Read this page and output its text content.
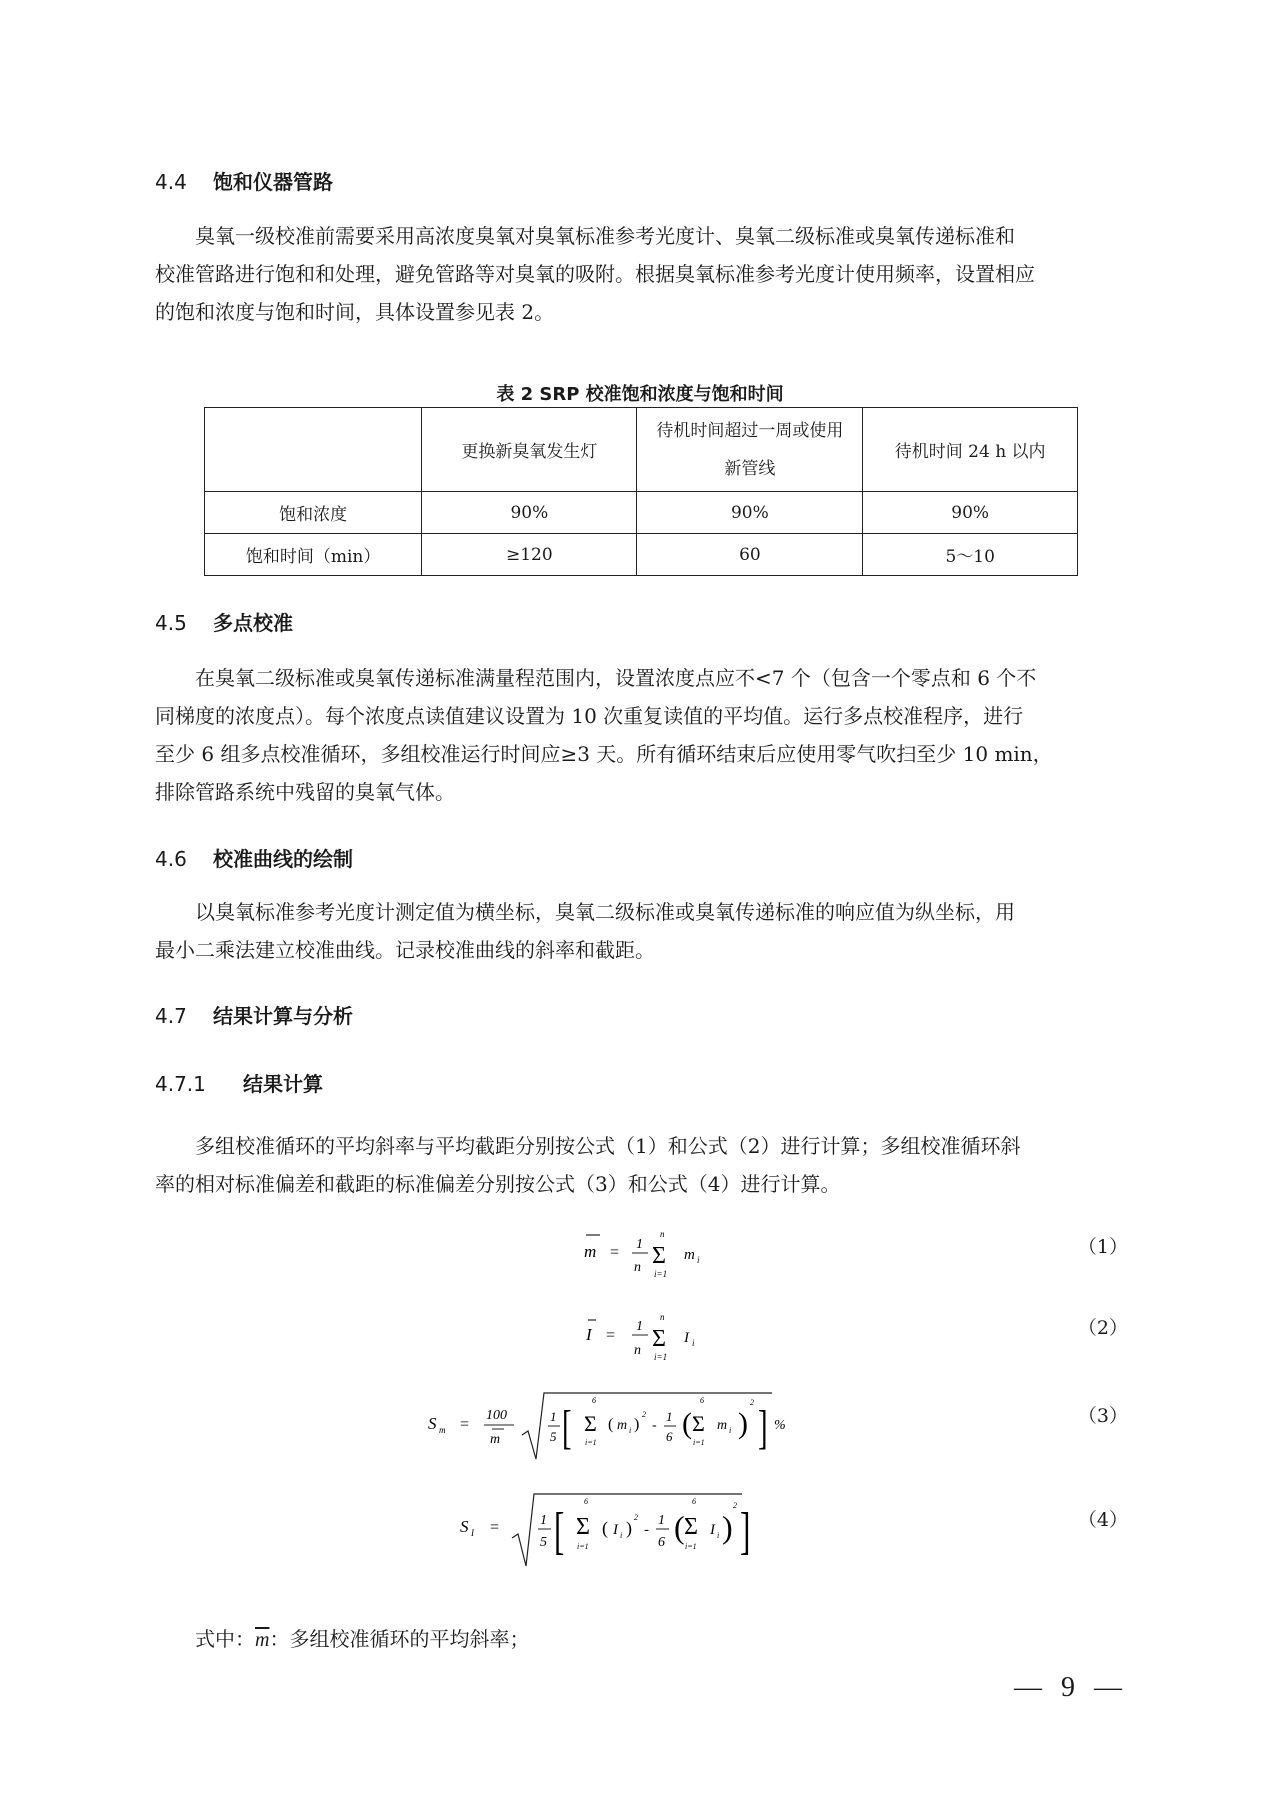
4.4 饱和仪器管路
臭氧一级校准前需要采用高浓度臭氧对臭氧标准参考光度计、臭氧二级标准或臭氧传递标准和
校准管路进行饱和和处理，避免管路等对臭氧的吸附。根据臭氧标准参考光度计使用频率，设置相应
的饱和浓度与饱和时间，具体设置参见表 2。
表 2 SRP 校准饱和浓度与饱和时间
	更换新臭氧发生灯	待机时间超过一周或使用新管线	待机时间 24 h 以内
饱和浓度	90%	90%	90%
饱和时间（min）	≥120	60	5～10
4.5 多点校准
在臭氧二级标准或臭氧传递标准满量程范围内，设置浓度点应不<7 个（包含一个零点和 6 个不
同梯度的浓度点）。每个浓度点读值建议设置为 10 次重复读值的平均值。运行多点校准程序，进行
至少 6 组多点校准循环，多组校准运行时间应≥3 天。所有循环结束后应使用零气吹扫至少 10 min，
排除管路系统中残留的臭氧气体。
4.6 校准曲线的绘制
以臭氧标准参考光度计测定值为横坐标，臭氧二级标准或臭氧传递标准的响应值为纵坐标，用
最小二乘法建立校准曲线。记录校准曲线的斜率和截距。
4.7 结果计算与分析
4.7.1 结果计算
多组校准循环的平均斜率与平均截距分别按公式（1）和公式（2）进行计算；多组校准循环斜
率的相对标准偏差和截距的标准偏差分别按公式（3）和公式（4）进行计算。
m = 1
n
n
Σ
i=1
m i
（1）
I =
1
n
n
Σ
i=1
I i
（2）
S m =
100
m
1
5 [
6
Σ
i=1
( m i )
2
-
1
6 (
6
Σ
i=1
m i )
2 ] %	（3）
S I =	1
5 [
6
Σ
i=1
( I i )
2
-
1
6 (
6
Σ
i=1
I i )
2 ]	（4）
式中：$\overline{m}$：多组校准循环的平均斜率；
— 9 —
